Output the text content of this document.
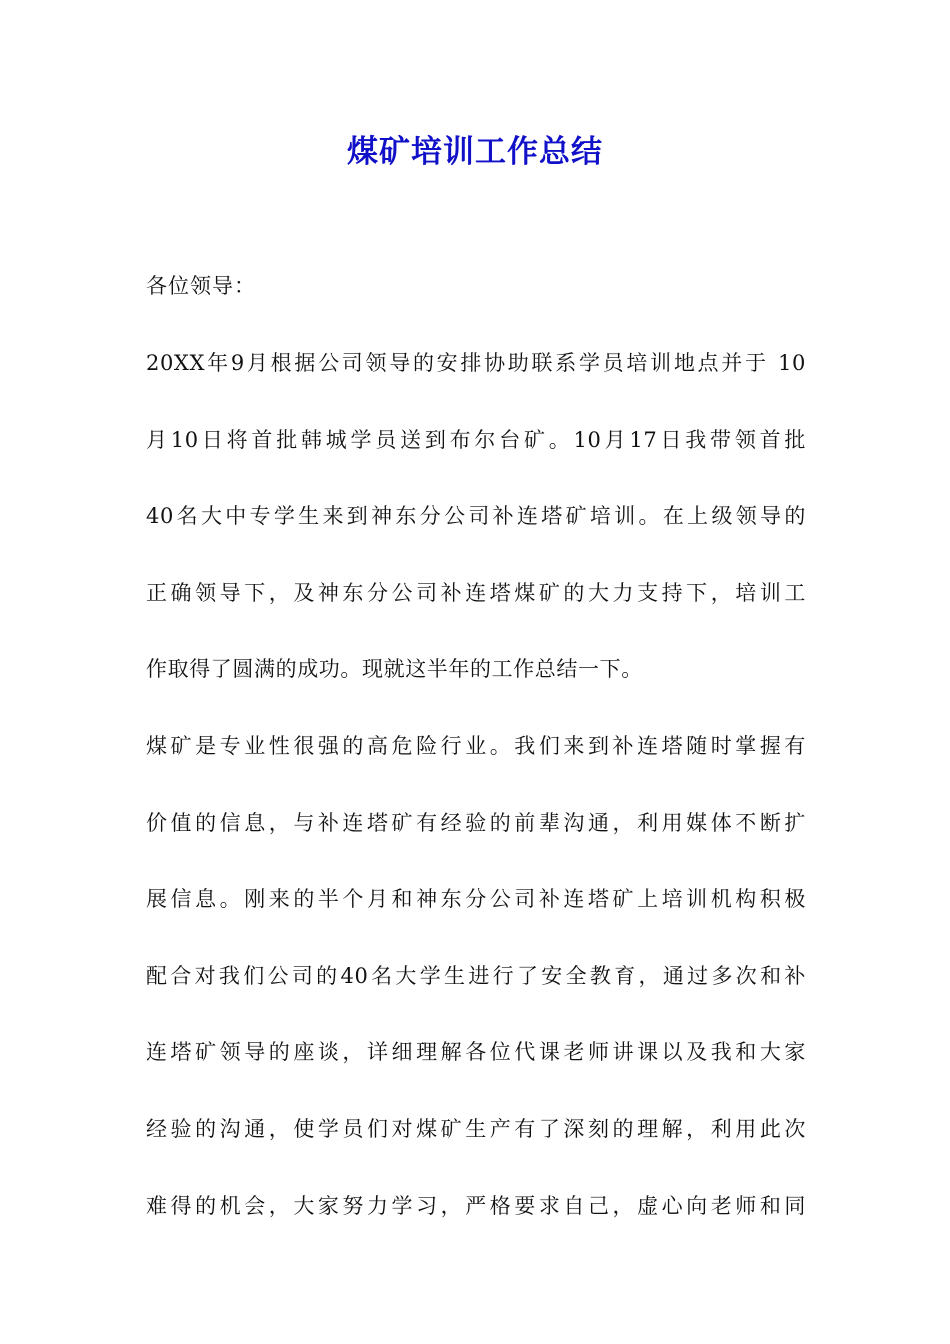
煤矿培训工作总结

各位领导：

20XX年9月根据公司领导的安排协助联系学员培训地点并于 10
月10日将首批韩城学员送到布尔台矿。10月17日我带领首批
40名大中专学生来到神东分公司补连塔矿培训。在上级领导的
正确领导下，及神东分公司补连塔煤矿的大力支持下，培训工
作取得了圆满的成功。现就这半年的工作总结一下。
煤矿是专业性很强的高危险行业。我们来到补连塔随时掌握有
价值的信息，与补连塔矿有经验的前辈沟通，利用媒体不断扩
展信息。刚来的半个月和神东分公司补连塔矿上培训机构积极
配合对我们公司的40名大学生进行了安全教育，通过多次和补
连塔矿领导的座谈，详细理解各位代课老师讲课以及我和大家
经验的沟通，使学员们对煤矿生产有了深刻的理解，利用此次
难得的机会，大家努力学习，严格要求自己，虚心向老师和同
